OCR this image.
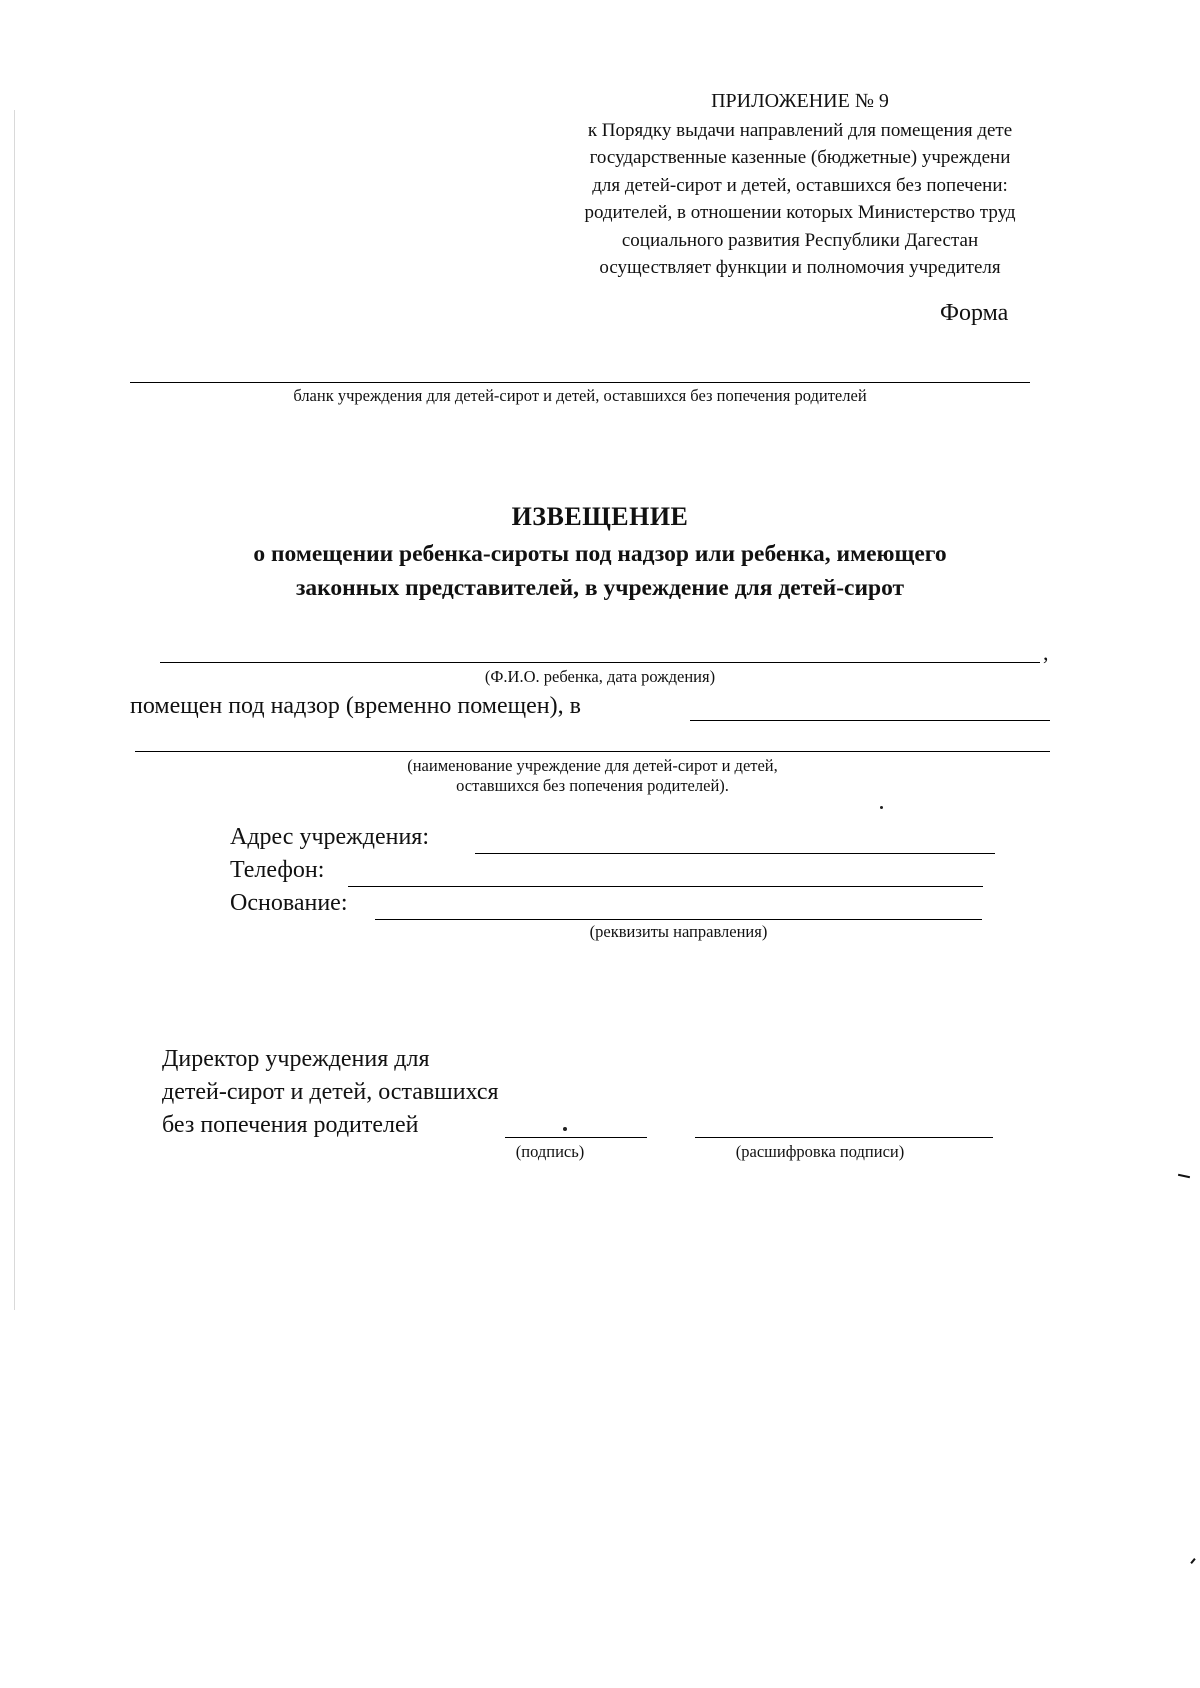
ПРИЛОЖЕНИЕ № 9
к Порядку выдачи направлений для помещения дете
государственные казенные (бюджетные) учреждени
для детей-сирот и детей, оставшихся без попечени:
родителей, в отношении которых Министерство труд
социального развития Республики Дагестан
осуществляет функции и полномочия учредителя
Форма
бланк учреждения для детей-сирот и детей, оставшихся без попечения родителей
ИЗВЕЩЕНИЕ
о помещении ребенка-сироты под надзор или ребенка, имеющего
законных представителей, в учреждение для детей-сирот
,
(Ф.И.О. ребенка, дата рождения)
помещен под надзор (временно помещен), в
(наименование учреждение для детей-сирот и детей,
оставшихся без попечения родителей).
Адрес учреждения:
Телефон:
Основание:
(реквизиты направления)
Директор учреждения для
детей-сирот и детей, оставшихся
без попечения родителей
(подпись)	(расшифровка подписи)
